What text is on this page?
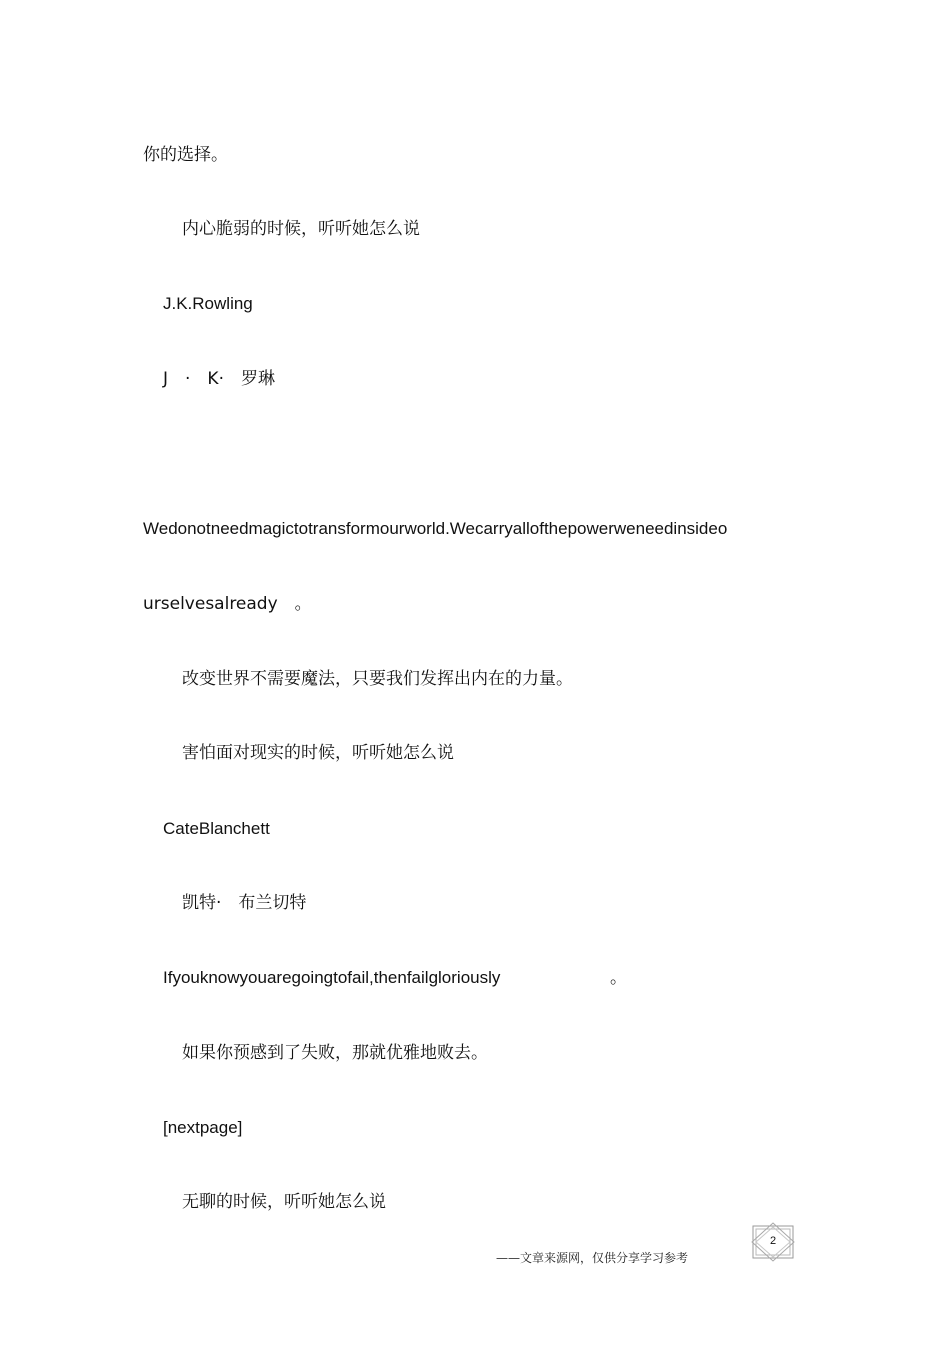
你的选择。
内心脆弱的时候，听听她怎么说
J.K.Rowling
J　·　K·　罗琳
Wedonotneedmagictotransformourworld.Wecarryallofthepowerweneedinsideo
urselvesalready　。
改变世界不需要魔法，只要我们发挥出内在的力量。
害怕面对现实的时候，听听她怎么说
CateBlanchett
凯特·　布兰切特
Ifyouknowyouaregoingtofail,thenfailgloriously	。
如果你预感到了失败，那就优雅地败去。
[nextpage]
无聊的时候，听听她怎么说
——文章来源网，仅供分享学习参考
2
